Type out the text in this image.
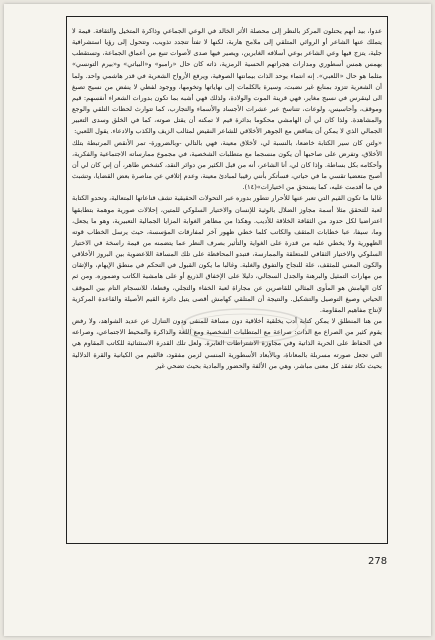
عدوا، بيد أنهم يحتلون المركز بالنظر إلى محصلة الأثر الخالد في الوعي الجماعي وذاكرة المتخيل والثقافة. قيمة لا يتملك عنها الشاعر أو الروائي المتلقي إلى ملامح هاربة، لكنها لا تفتأ تتجدد تذويب، وتتحول إلى رؤيا استشرافية جلية، يتزج فيها وعي الشاعر بوعي أسلافه الغابرين، ويصير فيها صدى لأصوات تنبع من أعماق الجماعة، وتستقطب بهمس همس أسطوري ومدارات هجراتهم الحسية الرمزية، ذاته كان حال «رامبو» و«البياتي» و«بيرم التونسي» مثلما هو حال «اللعبي». إنه انتماء يوحد الذات بيمانتها الصوفية، ويرفع الأرواح الشعرية في قدر هاشمي واحد. ولما أن الشعرية تتزود بمنابع غير نضبت، وسيرة بالكلمات إلى نهاياتها وتخومها، ووجود لفظي لا ينفض من نسيج تصبغ الى لينقرس في نسيج مغاير، فهي قرينة الموت والولادة، ولذلك فهي أشبه بما تكون بدورات الشعراء أنفسهم: قيم وموقف، وأحاسيس، ولوعات، تتناسخ عبر عشرات الأجساد والأسماء والتجارب، كما تتوارث لحظات التلقي والوجع والمشاهدة. ولذا كان لي أن الهامشي محكوما بدائرة قيم لا تمكنه أن يقتل صوته، كما في الخلق وسدى التعبير الجمالي الذي لا يمكن أن يتناقض مع الجوهر الأخلاقي للشاعر النقيض لمثالب الزيف والكذب والادعاء. يقول اللعبي:

«ولتن كان سير الكتابة خاضعا، بالنسبة لي، لأخلاق معينة، فهي بالتالي -وبالضرورة- تمر الأنقص المرتبطة بتلك الأخلاق، وتفرض على صاحبها أن يكون منسجما مع متطلبات الشخصية، في مجموع ممارساته الاجتماعية والفكرية، وأحكامه بكل بساطة. وإذا كان لي، أنا الشاعر، أنه من قبل الكثير من دوائر النقد، كشخص طاهر، أن إني كان لي أن أصبح متعضيا تقسي ما في حياتي، فسأتكر بأنني رقيبا لمبادئ معينة، وعدم إثلافي عن مناصرة بعض القضايا، وتشبث في ما أقدمت عليه، كما يستحق من اختيارات»(١٤).

غالبا ما تكون القيم التي تعبر عنها للأحرار تتطور بدوره عبر التحولات الحقيقية تشف قناعاتها المتعالية، وتحدو الكتابة لعبة للتحقق مثلا أسمة مجاوز الضلال بالوثية للإنسان والاختيار السلوكي للمتين، إحلالات صورية موهمة بتطابقها اعتراضيا لكل حدود من الثقافة الخلاقة للأديب. وهكذا من مظاهر الغوابة المزايا الجمالية التعبيرية، وهو ما يجعل، وما، سيفا، عبا خطابات المثقف والكاتب كلما خطي ظهور آخر لمفارقات المؤسسة، حيث يرسل الخطاب قوته الظهورية ولا يخطي عليه من قدرة على الغواية والتأثير بصرف النظر عما يتضمنه من قيمة راسخة في الاختيار السلوكي والاختيار الثقافي للمتعلقة والممارسة، فتبدو المحافظة على تلك المسافة اللاعضوية بين البروز الأخلاقي والكون المعني للمثقف، علة للنجاح والتفوق والغلبة. وغالبا ما يكون القبول في التحكم في منطق الإيهام، والإتقان من مهارات التمثيل والبرهنة والجدل السجالي، دليلا على الإخفاق الذريع أو على هامشية الكاتب وضموره. ومن ثم كان الهامش هو المأوى المثالي للقاصرين عن مجاراة لعبة الخفاء والتجلي، وقطعا، للانسجام التام بين الموقف الحياتي وصيغ التوصيل والتشكيل. والنتيجة أن المتلقي كهامش أقصى يتيل دائرة القيم الأصيلة والقاعدة المركزية لإنتاج مفاهيم المقاومة.

من هنا المنطلق لا يمكن كتابة أدب يخلقية أخلاقية دون مسافة للمنفى ودون التنازل عن عديد الشواهد، ولا رفض يقوم كثير من الصراع مع الذات: صراعة مع المتطلبات الشخصية ومع اللغة والذاكرة والمحيط الاجتماعي، وصراعه في الحفاظ على الحرية الذاتية وفي مجاوزة الاشتراطات العابرة. ولعل تلك القدرة الاستثنائية للكاتب المقاوم هي التي تجعل صورته مسربلة بالمعاناة، وبالأبعاد الأسطورية المنسي لزمن مفقود، فالقيم من الكيانية والقرة الدلالية بحيث تكاد تفقد كل معنى مباشر، وهي من الألفة والحضور والمادية بحيث تضحي غير

278
